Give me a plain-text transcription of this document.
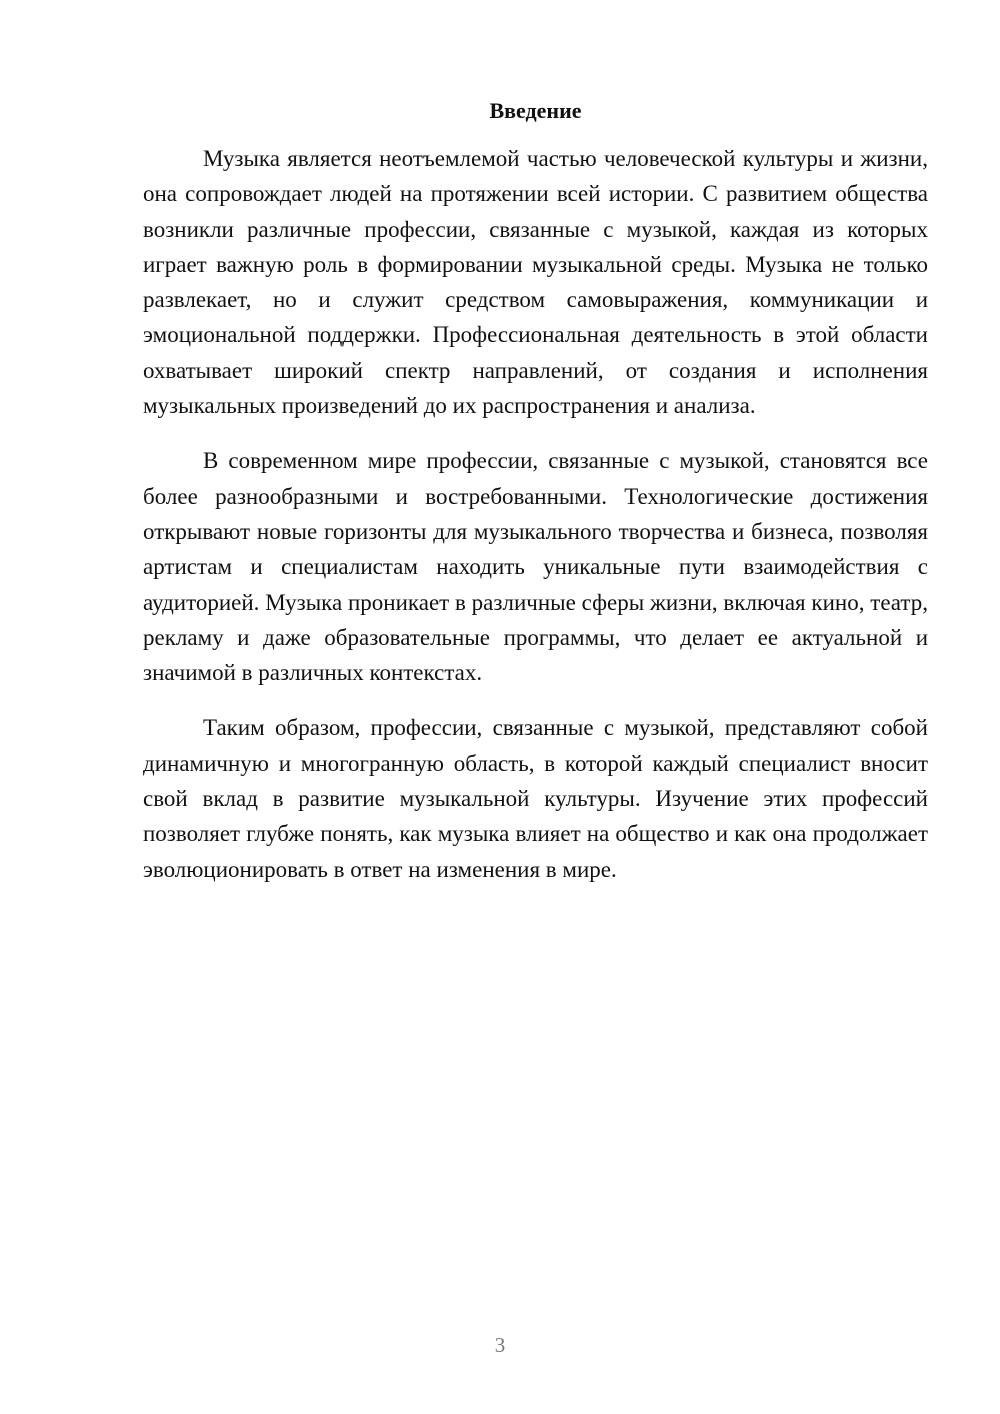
Введение

Музыка является неотъемлемой частью человеческой культуры и жизни, она сопровождает людей на протяжении всей истории. С развитием общества возникли различные профессии, связанные с музыкой, каждая из которых играет важную роль в формировании музыкальной среды. Музыка не только развлекает, но и служит средством самовыражения, коммуникации и эмоциональной поддержки. Профессиональная деятельность в этой области охватывает широкий спектр направлений, от создания и исполнения музыкальных произведений до их распространения и анализа.

В современном мире профессии, связанные с музыкой, становятся все более разнообразными и востребованными. Технологические достижения открывают новые горизонты для музыкального творчества и бизнеса, позволяя артистам и специалистам находить уникальные пути взаимодействия с аудиторией. Музыка проникает в различные сферы жизни, включая кино, театр, рекламу и даже образовательные программы, что делает ее актуальной и значимой в различных контекстах.

Таким образом, профессии, связанные с музыкой, представляют собой динамичную и многогранную область, в которой каждый специалист вносит свой вклад в развитие музыкальной культуры. Изучение этих профессий позволяет глубже понять, как музыка влияет на общество и как она продолжает эволюционировать в ответ на изменения в мире.

3
